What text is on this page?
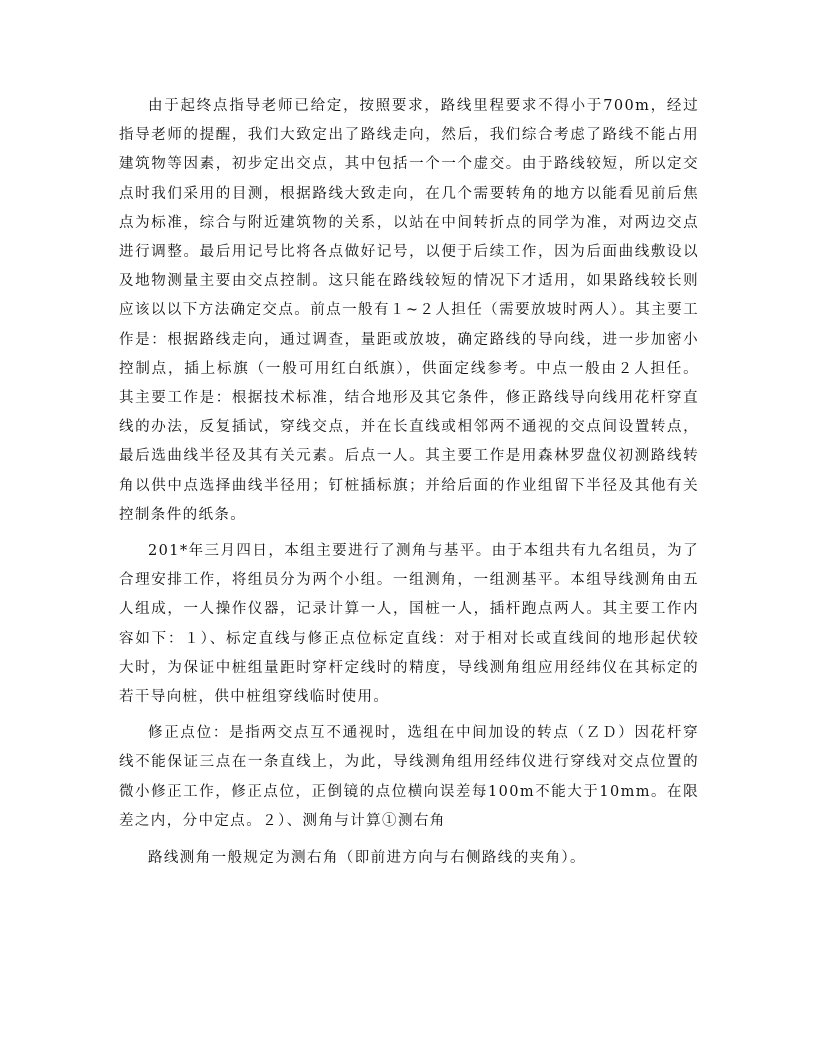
由于起终点指导老师已给定，按照要求，路线里程要求不得小于700m，经过指导老师的提醒，我们大致定出了路线走向，然后，我们综合考虑了路线不能占用建筑物等因素，初步定出交点，其中包括一个一个虚交。由于路线较短，所以定交点时我们采用的目测，根据路线大致走向，在几个需要转角的地方以能看见前后焦点为标准，综合与附近建筑物的关系，以站在中间转折点的同学为准，对两边交点进行调整。最后用记号比将各点做好记号，以便于后续工作，因为后面曲线敷设以及地物测量主要由交点控制。这只能在路线较短的情况下才适用，如果路线较长则应该以以下方法确定交点。前点一般有１~２人担任（需要放坡时两人）。其主要工作是：根据路线走向，通过调查，量距或放坡，确定路线的导向线，进一步加密小控制点，插上标旗（一般可用红白纸旗），供面定线参考。中点一般由２人担任。其主要工作是：根据技术标准，结合地形及其它条件，修正路线导向线用花杆穿直线的办法，反复插试，穿线交点，并在长直线或相邻两不通视的交点间设置转点，最后选曲线半径及其有关元素。后点一人。其主要工作是用森林罗盘仪初测路线转角以供中点选择曲线半径用；钉桩插标旗；并给后面的作业组留下半径及其他有关控制条件的纸条。

201*年三月四日，本组主要进行了测角与基平。由于本组共有九名组员，为了合理安排工作，将组员分为两个小组。一组测角，一组测基平。本组导线测角由五人组成，一人操作仪器，记录计算一人，国桩一人，插杆跑点两人。其主要工作内容如下：１）、标定直线与修正点位标定直线：对于相对长或直线间的地形起伏较大时，为保证中桩组量距时穿杆定线时的精度，导线测角组应用经纬仪在其标定的若干导向桩，供中桩组穿线临时使用。

修正点位：是指两交点互不通视时，选组在中间加设的转点（ＺＤ）因花杆穿线不能保证三点在一条直线上，为此，导线测角组用经纬仪进行穿线对交点位置的微小修正工作，修正点位，正倒镜的点位横向误差每100m不能大于10mm。在限差之内，分中定点。２）、测角与计算①测右角

路线测角一般规定为测右角（即前进方向与右侧路线的夹角）。
